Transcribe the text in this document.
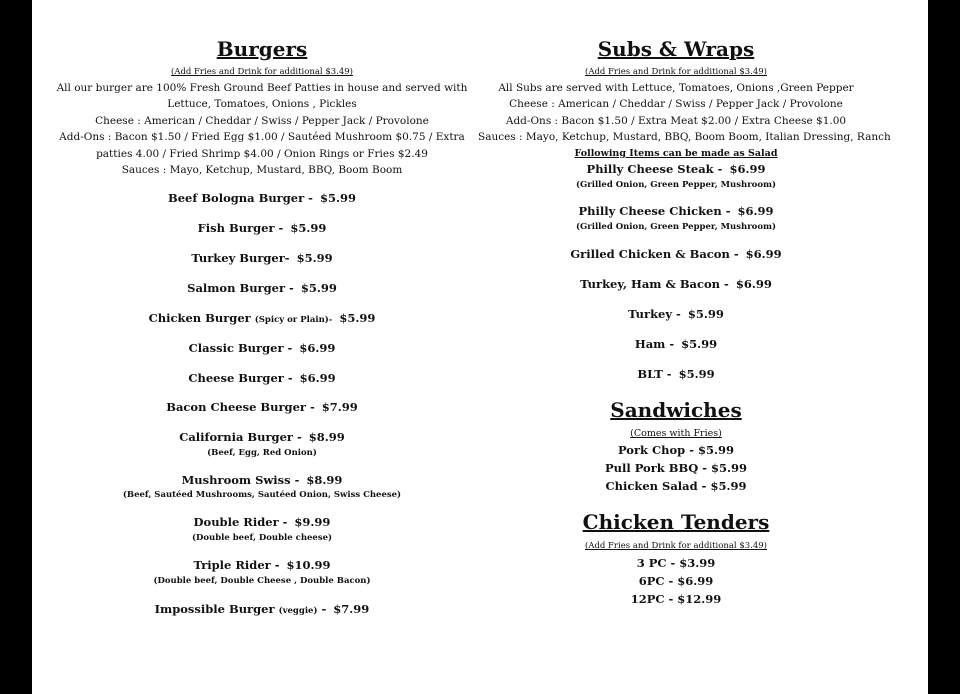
Burgers
(Add Fries and Drink for additional $3.49)
All our burger are 100% Fresh Ground Beef Patties in house and served with
Lettuce, Tomatoes, Onions , Pickles
Cheese : American / Cheddar / Swiss / Pepper Jack / Provolone
Add-Ons : Bacon $1.50 / Fried Egg $1.00 / Sautéed Mushroom $0.75 / Extra
patties 4.00 / Fried Shrimp $4.00 / Onion Rings or Fries $2.49
Sauces : Mayo, Ketchup, Mustard, BBQ, Boom Boom
Beef Bologna Burger - $5.99
Fish Burger - $5.99
Turkey Burger- $5.99
Salmon Burger - $5.99
Chicken Burger (Spicy or Plain)- $5.99
Classic Burger - $6.99
Cheese Burger - $6.99
Bacon Cheese Burger - $7.99
California Burger - $8.99
(Beef, Egg, Red Onion)
Mushroom Swiss - $8.99
(Beef, Sautéed Mushrooms, Sautéed Onion, Swiss Cheese)
Double Rider - $9.99
(Double beef, Double cheese)
Triple Rider - $10.99
(Double beef, Double Cheese , Double Bacon)
Impossible Burger (veggie) - $7.99
Subs & Wraps
(Add Fries and Drink for additional $3.49)
All Subs are served with Lettuce, Tomatoes, Onions ,Green Pepper
Cheese : American / Cheddar / Swiss / Pepper Jack / Provolone
Add-Ons : Bacon $1.50 / Extra Meat $2.00 / Extra Cheese $1.00
Sauces : Mayo, Ketchup, Mustard, BBQ, Boom Boom, Italian Dressing, Ranch
Following Items can be made as Salad
Philly Cheese Steak - $6.99
(Grilled Onion, Green Pepper, Mushroom)
Philly Cheese Chicken - $6.99
(Grilled Onion, Green Pepper, Mushroom)
Grilled Chicken & Bacon - $6.99
Turkey, Ham & Bacon - $6.99
Turkey - $5.99
Ham - $5.99
BLT - $5.99
Sandwiches
(Comes with Fries)
Pork Chop - $5.99
Pull Pork BBQ - $5.99
Chicken Salad - $5.99
Chicken Tenders
(Add Fries and Drink for additional $3.49)
3 PC - $3.99
6PC - $6.99
12PC - $12.99
